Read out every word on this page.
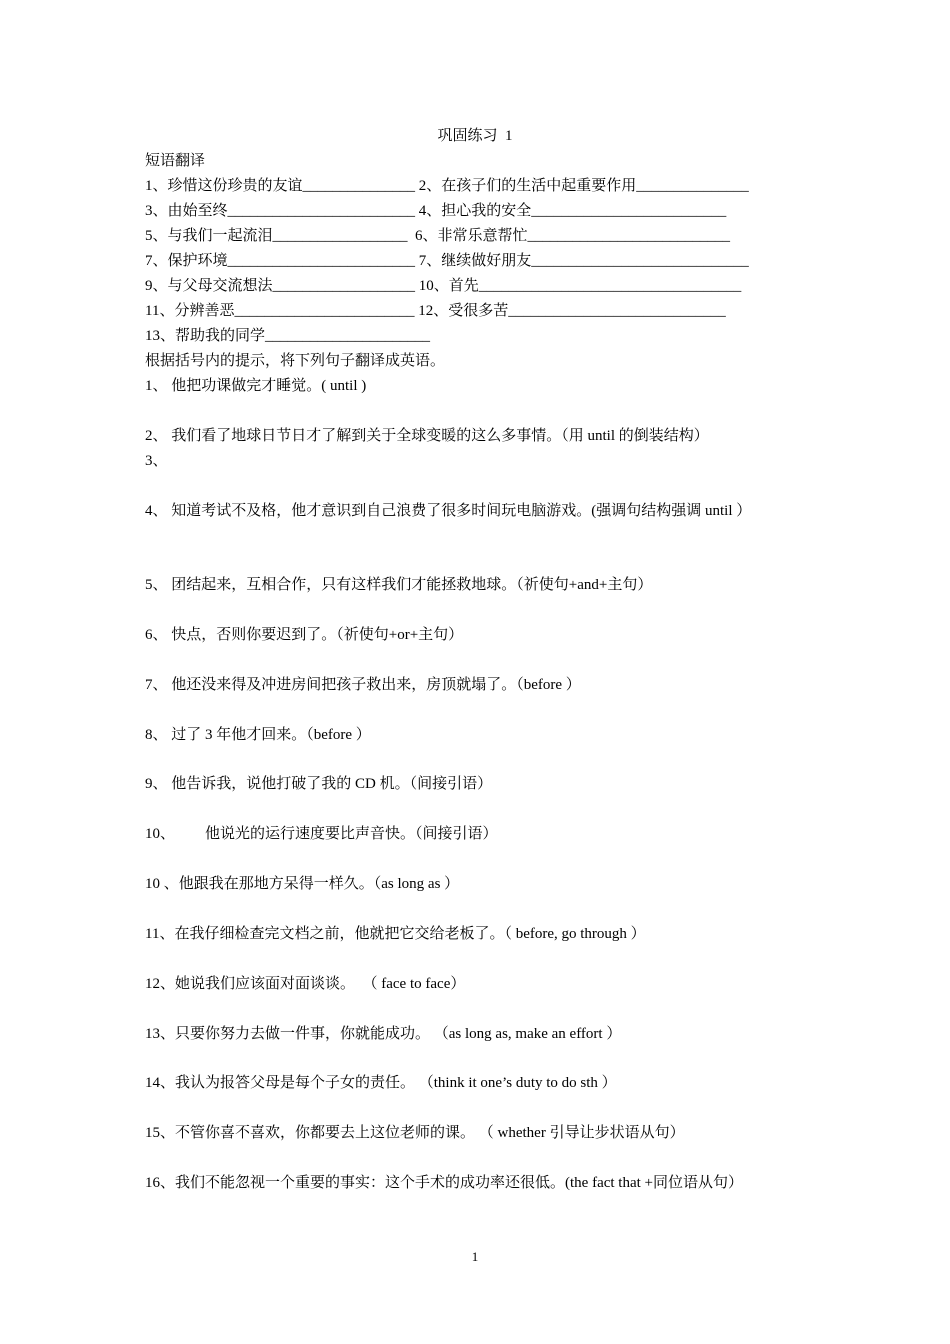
巩固练习  1
短语翻译
1、珍惜这份珍贵的友谊_______________ 2、在孩子们的生活中起重要作用_______________
3、由始至终_________________________ 4、担心我的安全__________________________
5、与我们一起流泪__________________  6、非常乐意帮忙___________________________
7、保护环境_________________________ 7、继续做好朋友_____________________________
9、与父母交流想法___________________ 10、首先___________________________________
11、分辨善恶________________________ 12、受很多苦_____________________________
13、帮助我的同学______________________
根据括号内的提示，将下列句子翻译成英语。
1、 他把功课做完才睡觉。( until )
2、 我们看了地球日节日才了解到关于全球变暖的这么多事情。（用 until 的倒装结构）
3、
4、 知道考试不及格，他才意识到自己浪费了很多时间玩电脑游戏。(强调句结构强调 until ）
5、 团结起来，互相合作，只有这样我们才能拯救地球。（祈使句+and+主句）
6、 快点，否则你要迟到了。（祈使句+or+主句）
7、 他还没来得及冲进房间把孩子救出来，房顶就塌了。（before ）
8、 过了 3 年他才回来。（before ）
9、 他告诉我，说他打破了我的 CD 机。（间接引语）
10、        他说光的运行速度要比声音快。（间接引语）
10 、他跟我在那地方呆得一样久。（as long as ）
11、在我仔细检查完文档之前，他就把它交给老板了。（ before, go through ）
12、她说我们应该面对面谈谈。  （ face to face）
13、只要你努力去做一件事，你就能成功。 （as long as, make an effort ）
14、我认为报答父母是每个子女的责任。 （think it one’s duty to do sth ）
15、不管你喜不喜欢，你都要去上这位老师的课。 （ whether 引导让步状语从句）
16、我们不能忽视一个重要的事实：这个手术的成功率还很低。(the fact that +同位语从句）
1
